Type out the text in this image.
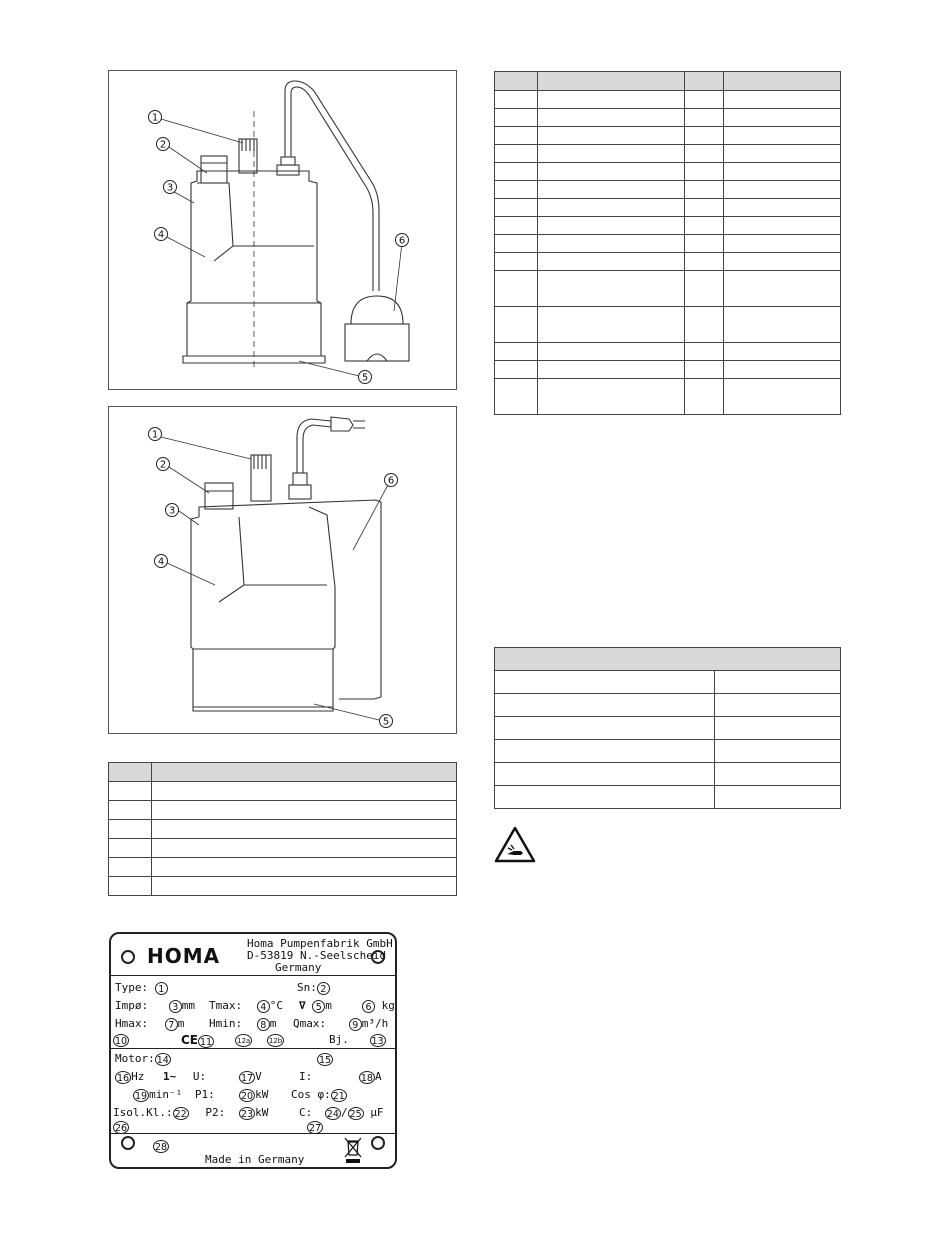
1
2
3
4
6
5
1
2
3
4
6
5

HOMA
Homa Pumpenfabrik GmbH
D-53819 N.-Seelscheid
Germany
Type: 1	Sn: 2
Impø:	3 mm Tmax: 4 °C ∇ 5 m	6 kg
Hmax: 7 m Hmin: 8 m Qmax:	9 m³/h
10	CE 11	12a	12b	Bj. 13
Motor: 14	15
16 Hz 1~ U:	17 V	I:	18 A
19 min⁻¹ P1:	20 kW Cos φ: 21
Isol.Kl.: 22 P2: 23 kW	C: 24 / 25 µF
26	27
28
Made in Germany
